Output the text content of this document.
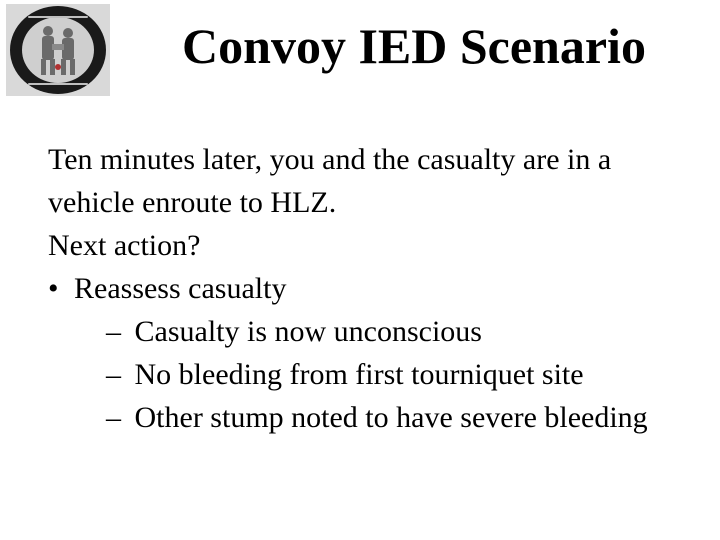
Convoy IED Scenario
Ten minutes later, you and the casualty are in a
vehicle enroute to HLZ.
Next action?
• Reassess casualty
– Casualty is now unconscious
– No bleeding from first tourniquet site
– Other stump noted to have severe bleeding
